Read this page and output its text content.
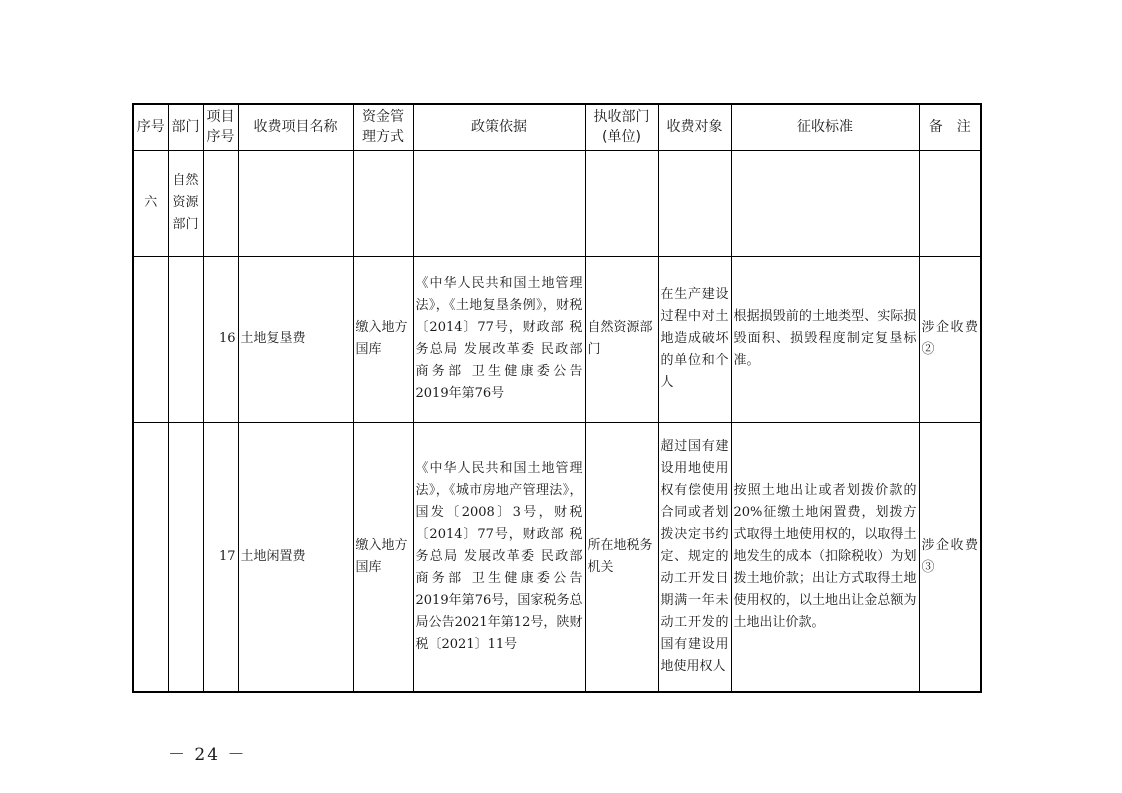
序号	部门	项目序号	收费项目名称	资金管理方式	政策依据	执收部门(单位)	收费对象	征收标准	备　注
六	自然资源部门								
		16	土地复垦费	缴入地方国库	《中华人民共和国土地管理法》，《土地复垦条例》，财税〔2014〕77号，财政部 税务总局 发展改革委 民政部 商务部 卫生健康委公告2019年第76号	自然资源部门	在生产建设过程中对土地造成破坏的单位和个人	根据损毁前的土地类型、实际损毁面积、损毁程度制定复垦标准。	涉企收费②
		17	土地闲置费	缴入地方国库	《中华人民共和国土地管理法》，《城市房地产管理法》，国发〔2008〕3号，财税〔2014〕77号，财政部 税务总局 发展改革委 民政部 商务部 卫生健康委公告2019年第76号，国家税务总局公告2021年第12号，陕财税〔2021〕11号	所在地税务机关	超过国有建设用地使用权有偿使用合同或者划拨决定书约定、规定的动工开发日期满一年未动工开发的国有建设用地使用权人	按照土地出让或者划拨价款的20%征缴土地闲置费，划拨方式取得土地使用权的，以取得土地发生的成本（扣除税收）为划拨土地价款；出让方式取得土地使用权的，以土地出让金总额为土地出让价款。	涉企收费③
－ 24 －
